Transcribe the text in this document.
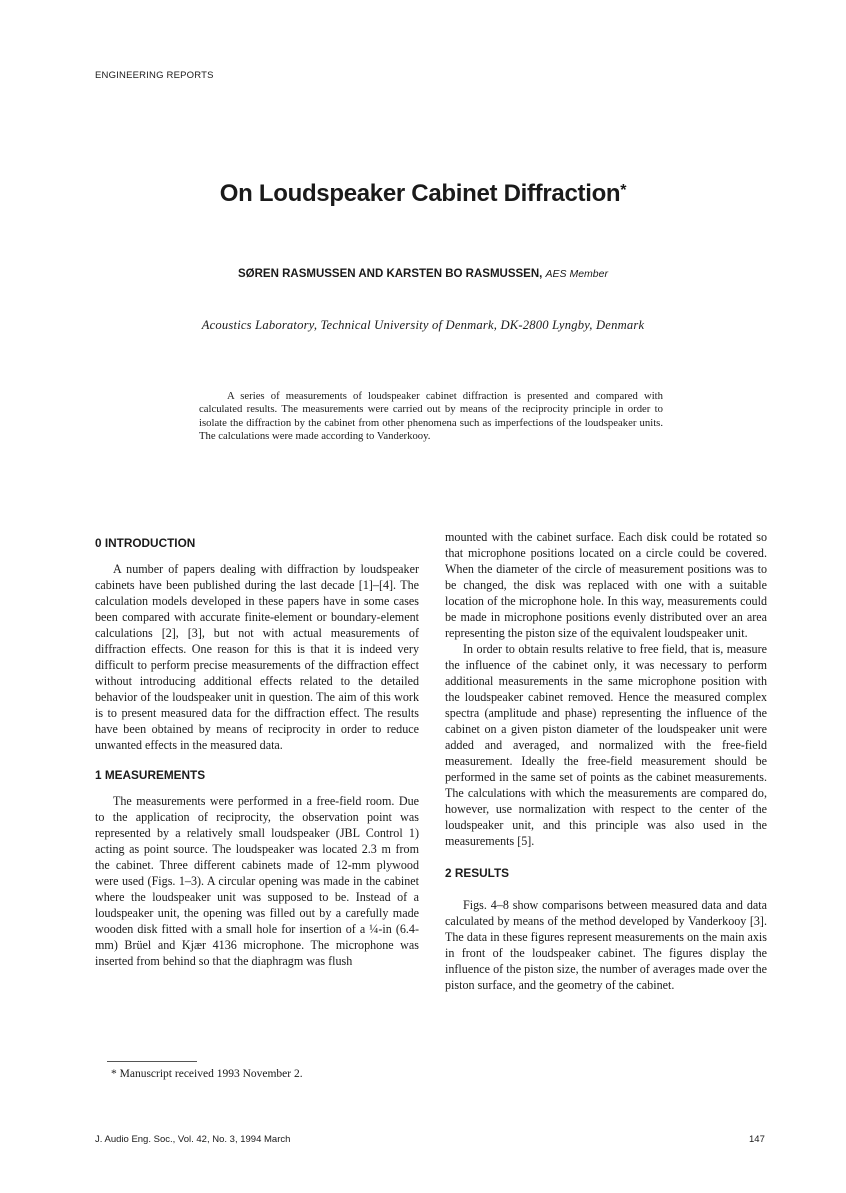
ENGINEERING REPORTS
On Loudspeaker Cabinet Diffraction*
SØREN RASMUSSEN AND KARSTEN BO RASMUSSEN, AES Member
Acoustics Laboratory, Technical University of Denmark, DK-2800 Lyngby, Denmark

A series of measurements of loudspeaker cabinet diffraction is presented and compared with calculated results. The measurements were carried out by means of the reciprocity principle in order to isolate the diffraction by the cabinet from other phenomena such as imperfections of the loudspeaker units. The calculations were made according to Vanderkooy.

0 INTRODUCTION

A number of papers dealing with diffraction by loudspeaker cabinets have been published during the last decade [1]–[4]. The calculation models developed in these papers have in some cases been compared with accurate finite-element or boundary-element calculations [2], [3], but not with actual measurements of diffraction effects. One reason for this is that it is indeed very difficult to perform precise measurements of the diffraction effect without introducing additional effects related to the detailed behavior of the loudspeaker unit in question. The aim of this work is to present measured data for the diffraction effect. The results have been obtained by means of reciprocity in order to reduce unwanted effects in the measured data.

1 MEASUREMENTS

The measurements were performed in a free-field room. Due to the application of reciprocity, the observation point was represented by a relatively small loudspeaker (JBL Control 1) acting as point source. The loudspeaker was located 2.3 m from the cabinet. Three different cabinets made of 12-mm plywood were used (Figs. 1–3). A circular opening was made in the cabinet where the loudspeaker unit was supposed to be. Instead of a loudspeaker unit, the opening was filled out by a carefully made wooden disk fitted with a small hole for insertion of a ¼-in (6.4-mm) Brüel and Kjær 4136 microphone. The microphone was inserted from behind so that the diaphragm was flush

mounted with the cabinet surface. Each disk could be rotated so that microphone positions located on a circle could be covered. When the diameter of the circle of measurement positions was to be changed, the disk was replaced with one with a suitable location of the microphone hole. In this way, measurements could be made in microphone positions evenly distributed over an area representing the piston size of the equivalent loudspeaker unit.

In order to obtain results relative to free field, that is, measure the influence of the cabinet only, it was necessary to perform additional measurements in the same microphone position with the loudspeaker cabinet removed. Hence the measured complex spectra (amplitude and phase) representing the influence of the cabinet on a given piston diameter of the loudspeaker unit were added and averaged, and normalized with the free-field measurement. Ideally the free-field measurement should be performed in the same set of points as the cabinet measurements. The calculations with which the measurements are compared do, however, use normalization with respect to the center of the loudspeaker unit, and this principle was also used in the measurements [5].

2 RESULTS

Figs. 4–8 show comparisons between measured data and data calculated by means of the method developed by Vanderkooy [3]. The data in these figures represent measurements on the main axis in front of the loudspeaker cabinet. The figures display the influence of the piston size, the number of averages made over the piston surface, and the geometry of the cabinet.

* Manuscript received 1993 November 2.
J. Audio Eng. Soc., Vol. 42, No. 3, 1994 March	147
